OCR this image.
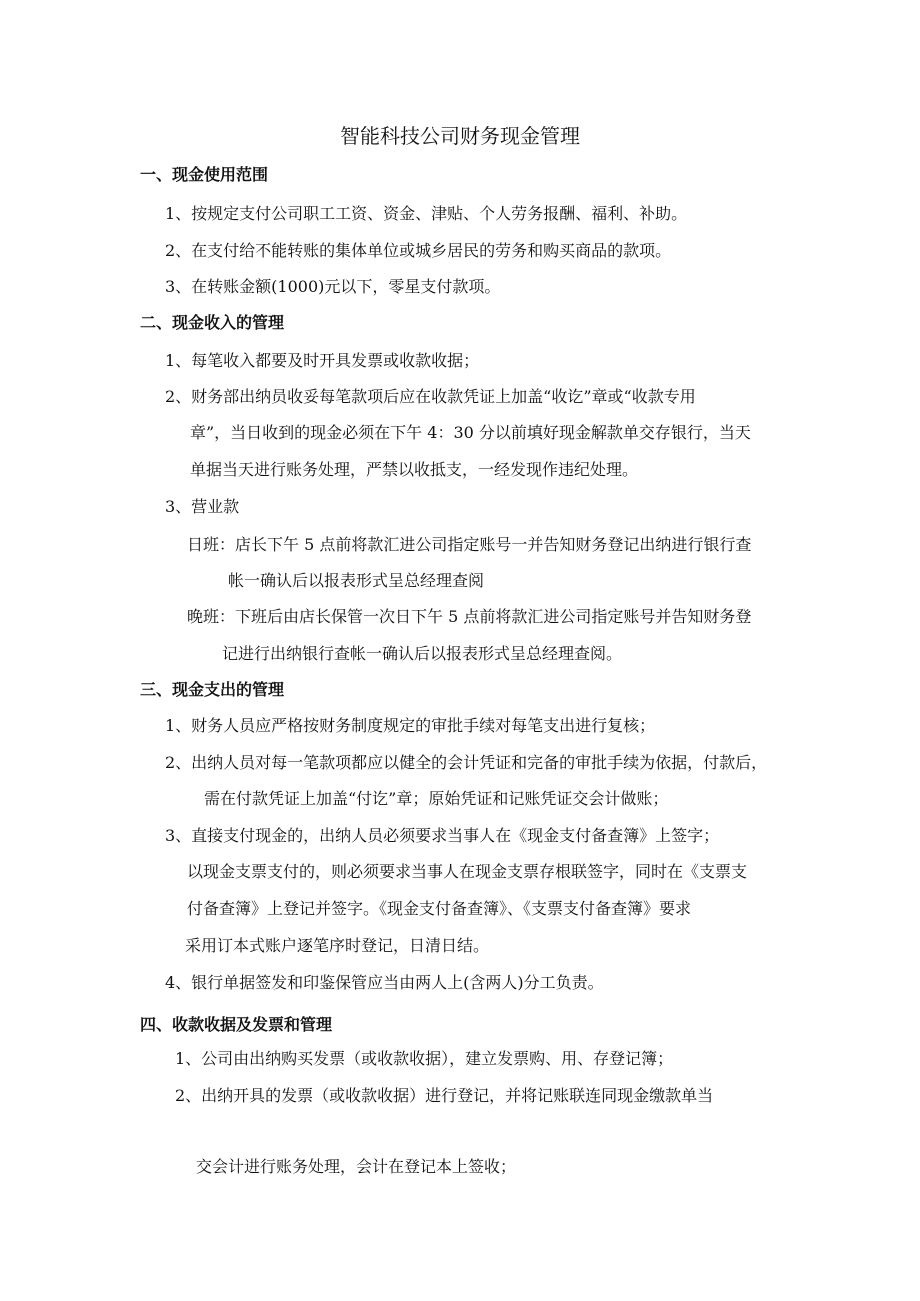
智能科技公司财务现金管理

一、现金使用范围

1、按规定支付公司职工工资、资金、津贴、个人劳务报酬、福利、补助。

2、在支付给不能转账的集体单位或城乡居民的劳务和购买商品的款项。

3、在转账金额(1000)元以下，零星支付款项。

二、现金收入的管理

1、每笔收入都要及时开具发票或收款收据；

2、财务部出纳员收妥每笔款项后应在收款凭证上加盖“收讫”章或“收款专用

章”，当日收到的现金必须在下午 4：30 分以前填好现金解款单交存银行，当天

单据当天进行账务处理，严禁以收抵支，一经发现作违纪处理。

3、营业款

日班：店长下午 5 点前将款汇进公司指定账号一并告知财务登记出纳进行银行查

帐一确认后以报表形式呈总经理查阅

晚班：下班后由店长保管一次日下午 5 点前将款汇进公司指定账号并告知财务登

记进行出纳银行查帐一确认后以报表形式呈总经理查阅。

三、现金支出的管理

1、财务人员应严格按财务制度规定的审批手续对每笔支出进行复核；

2、出纳人员对每一笔款项都应以健全的会计凭证和完备的审批手续为依据，付款后，

需在付款凭证上加盖“付讫”章；原始凭证和记账凭证交会计做账；

3、直接支付现金的，出纳人员必须要求当事人在《现金支付备查簿》上签字；

以现金支票支付的，则必须要求当事人在现金支票存根联签字，同时在《支票支

付备查簿》上登记并签字。《现金支付备查簿》、《支票支付备查簿》要求

采用订本式账户逐笔序时登记，日清日结。

4、银行单据签发和印鉴保管应当由两人上(含两人)分工负责。

四、收款收据及发票和管理

1、公司由出纳购买发票（或收款收据），建立发票购、用、存登记簿；

2、出纳开具的发票（或收款收据）进行登记，并将记账联连同现金缴款单当

交会计进行账务处理，会计在登记本上签收；
